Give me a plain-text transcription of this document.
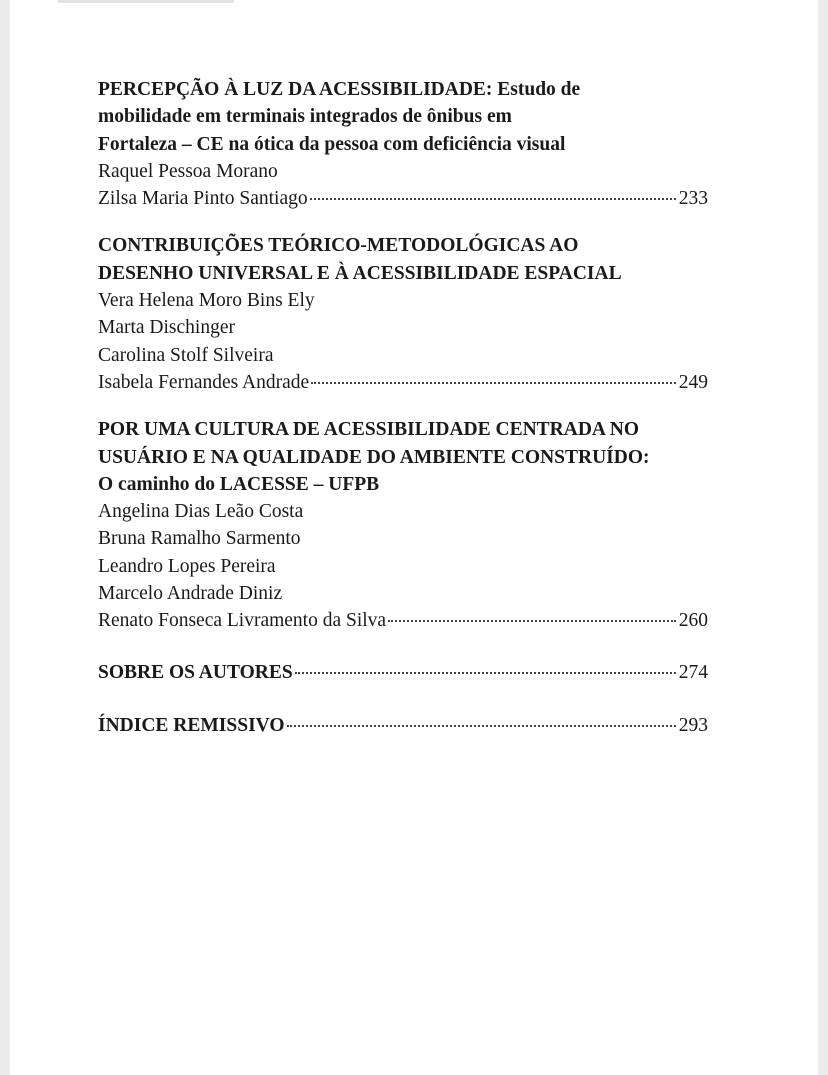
PERCEPÇÃO À LUZ DA ACESSIBILIDADE: Estudo de
mobilidade em terminais integrados de ônibus em
Fortaleza – CE na ótica da pessoa com deficiência visual
Raquel Pessoa Morano
Zilsa Maria Pinto Santiago	233
CONTRIBUIÇÕES TEÓRICO-METODOLÓGICAS AO
DESENHO UNIVERSAL E À ACESSIBILIDADE ESPACIAL
Vera Helena Moro Bins Ely
Marta Dischinger
Carolina Stolf Silveira
Isabela Fernandes Andrade	249
POR UMA CULTURA DE ACESSIBILIDADE CENTRADA NO
USUÁRIO E NA QUALIDADE DO AMBIENTE CONSTRUÍDO:
O caminho do LACESSE – UFPB
Angelina Dias Leão Costa
Bruna Ramalho Sarmento
Leandro Lopes Pereira
Marcelo Andrade Diniz
Renato Fonseca Livramento da Silva	260
SOBRE OS AUTORES	274
ÍNDICE REMISSIVO	293
